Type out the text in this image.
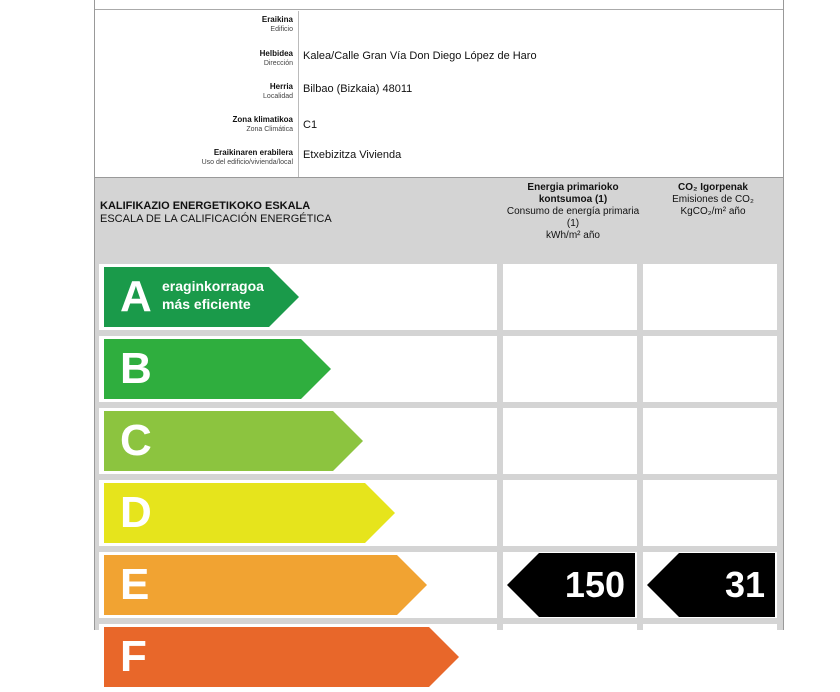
Eraikina
Edificio
Helbidea
Dirección
Kalea/Calle Gran Vía Don Diego López de Haro
Herria
Localidad
Bilbao (Bizkaia) 48011
Zona klimatikoa
Zona Climática C1
Eraikinaren erabilera
Uso del edificio/vivienda/local
Etxebizitza Vivienda
KALIFIKAZIO ENERGETIKOKO ESKALA
ESCALA DE LA CALIFICACIÓN ENERGÉTICA
Energia primarioko kontsumoa (1)
Consumo de energía primaria (1)
kWh/m² año
CO₂ Igorpenak
Emisiones de CO₂
KgCO₂/m² año
A eraginkorragoa
más eficiente
B
C
D
E	150	31
F
